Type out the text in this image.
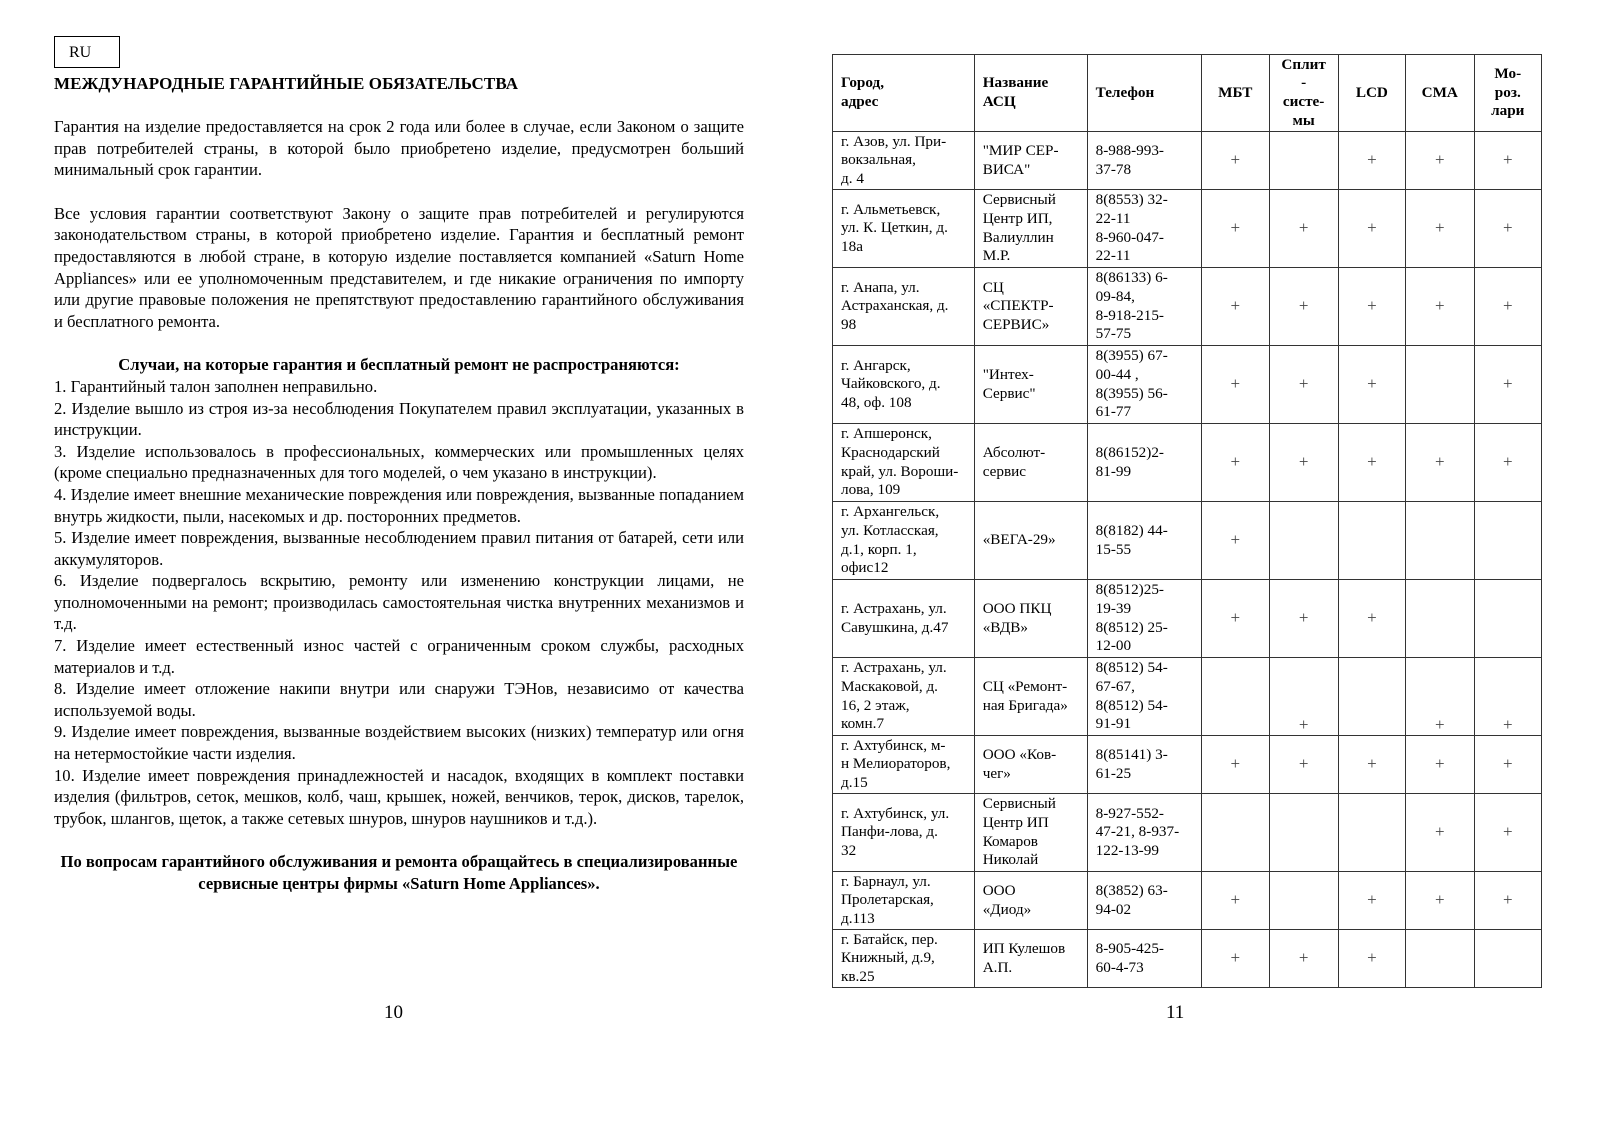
RU
МЕЖДУНАРОДНЫЕ ГАРАНТИЙНЫЕ ОБЯЗАТЕЛЬСТВА

Гарантия на изделие предоставляется на срок 2 года или более в случае, если Законом о защите прав потребителей страны, в которой было приобретено изделие, предусмотрен больший минимальный срок гарантии.

Все условия гарантии соответствуют Закону о защите прав потребителей и регулируются законодательством страны, в которой приобретено изделие. Гарантия и бесплатный ремонт предоставляются в любой стране, в которую изделие поставляется компанией «Saturn Home Appliances» или ее уполномоченным представителем, и где никакие ограничения по импорту или другие правовые положения не препятствуют предоставлению гарантийного обслуживания и бесплатного ремонта.

Случаи, на которые гарантия и бесплатный ремонт не распространяются:
1. Гарантийный талон заполнен неправильно.
2. Изделие вышло из строя из-за несоблюдения Покупателем правил эксплуатации, указанных в инструкции.
3. Изделие использовалось в профессиональных, коммерческих или промышленных целях (кроме специально предназначенных для того моделей, о чем указано в инструкции).
4. Изделие имеет внешние механические повреждения или повреждения, вызванные попаданием внутрь жидкости, пыли, насекомых и др. посторонних предметов.
5. Изделие имеет повреждения, вызванные несоблюдением правил питания от батарей, сети или аккумуляторов.
6. Изделие подвергалось вскрытию, ремонту или изменению конструкции лицами, не уполномоченными на ремонт; производилась самостоятельная чистка внутренних механизмов и т.д.
7. Изделие имеет естественный износ частей с ограниченным сроком службы, расходных материалов и т.д.
8. Изделие имеет отложение накипи внутри или снаружи ТЭНов, независимо от качества используемой воды.
9. Изделие имеет повреждения, вызванные воздействием высоких (низких) температур или огня на нетермостойкие части изделия.
10. Изделие имеет повреждения принадлежностей и насадок, входящих в комплект поставки изделия (фильтров, сеток, мешков, колб, чаш, крышек, ножей, венчиков, терок, дисков, тарелок, трубок, шлангов, щеток, а также сетевых шнуров, шнуров наушников и т.д.).
По вопросам гарантийного обслуживания и ремонта обращайтесь в специализированные сервисные центры фирмы «Saturn Home Appliances».
10
Город,
адрес	Название
АСЦ	Телефон	МБТ	Сплит
-
систе-
мы	LCD	СМА	Мо-
роз.
лари
г. Азов, ул. При-
вокзальная,
д. 4	"МИР СЕР-
ВИСА"	8-988-993-
37-78	+		+	+	+
г. Альметьевск,
ул. К. Цеткин, д.
18а	Сервисный
Центр ИП,
Валиуллин
М.Р.	8(8553) 32-
22-11
8-960-047-
22-11	+	+	+	+	+
г. Анапа, ул.
Астраханская, д.
98	СЦ
«СПЕКТР-
СЕРВИС»	8(86133) 6-
09-84,
8-918-215-
57-75	+	+	+	+	+
г. Ангарск,
Чайковского, д.
48, оф. 108	"Интех-
Сервис"	8(3955) 67-
00-44 ,
8(3955) 56-
61-77	+	+	+		+
г. Апшеронск,
Краснодарский
край, ул. Вороши-
лова, 109	Абсолют-
сервис	8(86152)2-
81-99	+	+	+	+	+
г. Архангельск,
ул. Котласская,
д.1, корп. 1,
офис12	«ВЕГА-29»	8(8182) 44-
15-55	+				
г. Астрахань, ул.
Савушкина, д.47	ООО ПКЦ
«ВДВ»	8(8512)25-
19-39
8(8512) 25-
12-00	+	+	+		
г. Астрахань, ул.
Маскаковой, д.
16, 2 этаж,
комн.7	СЦ «Ремонт-
ная Бригада»	8(8512) 54-
67-67,
8(8512) 54-
91-91		+		+	+
г. Ахтубинск, м-
н Мелиораторов,
д.15	ООО «Ков-
чег»	8(85141) 3-
61-25	+	+	+	+	+
г. Ахтубинск, ул.
Панфи-лова, д.
32	Сервисный
Центр ИП
Комаров
Николай	8-927-552-
47-21, 8-937-
122-13-99				+	+
г. Барнаул, ул.
Пролетарская,
д.113	ООО
«Диод»	8(3852) 63-
94-02	+		+	+	+
г. Батайск, пер.
Книжный, д.9,
кв.25	ИП Кулешов
А.П.	8-905-425-
60-4-73	+	+	+		
11
